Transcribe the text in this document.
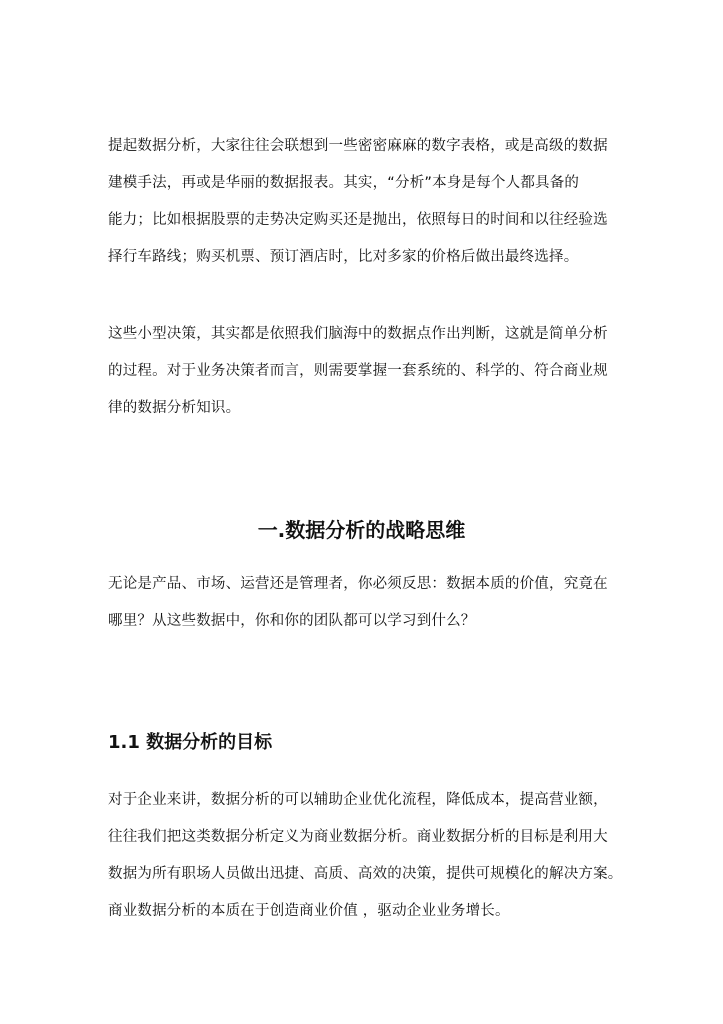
提起数据分析，大家往往会联想到一些密密麻麻的数字表格，或是高级的数据
建模手法，再或是华丽的数据报表。其实，“分析”本身是每个人都具备的
能力；比如根据股票的走势决定购买还是抛出，依照每日的时间和以往经验选
择行车路线；购买机票、预订酒店时，比对多家的价格后做出最终选择。
这些小型决策，其实都是依照我们脑海中的数据点作出判断，这就是简单分析
的过程。对于业务决策者而言，则需要掌握一套系统的、科学的、符合商业规
律的数据分析知识。
一.数据分析的战略思维
无论是产品、市场、运营还是管理者，你必须反思：数据本质的价值，究竟在
哪里？从这些数据中，你和你的团队都可以学习到什么？
1.1 数据分析的目标
对于企业来讲，数据分析的可以辅助企业优化流程，降低成本，提高营业额，
往往我们把这类数据分析定义为商业数据分析。商业数据分析的目标是利用大
数据为所有职场人员做出迅捷、高质、高效的决策，提供可规模化的解决方案。
商业数据分析的本质在于创造商业价值 ，驱动企业业务增长。
